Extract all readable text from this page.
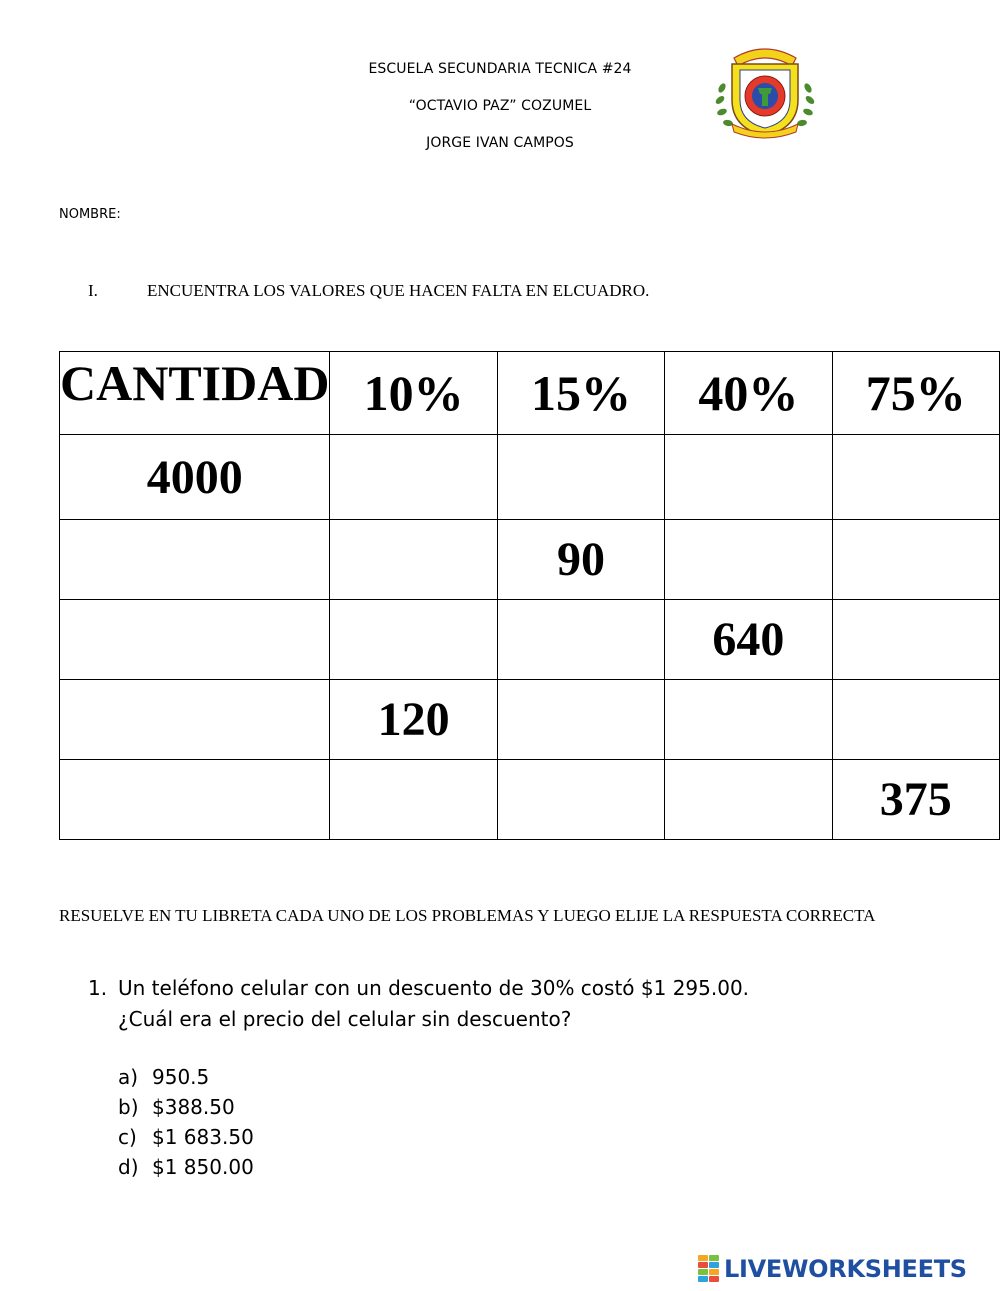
ESCUELA SECUNDARIA TECNICA #24
“OCTAVIO PAZ” COZUMEL
JORGE IVAN CAMPOS
NOMBRE:
I.	ENCUENTRA LOS VALORES QUE HACEN FALTA EN ELCUADRO.
CANTIDAD	10%	15%	40%	75%
4000				
		90		
			640	
	120			
				375
RESUELVE EN TU LIBRETA CADA UNO DE LOS PROBLEMAS Y LUEGO ELIJE LA RESPUESTA CORRECTA
1. Un teléfono celular con un descuento de 30% costó $1 295.00.
¿Cuál era el precio del celular sin descuento?
a) 950.5
b) $388.50
c) $1 683.50
d) $1 850.00
LIVEWORKSHEETS
